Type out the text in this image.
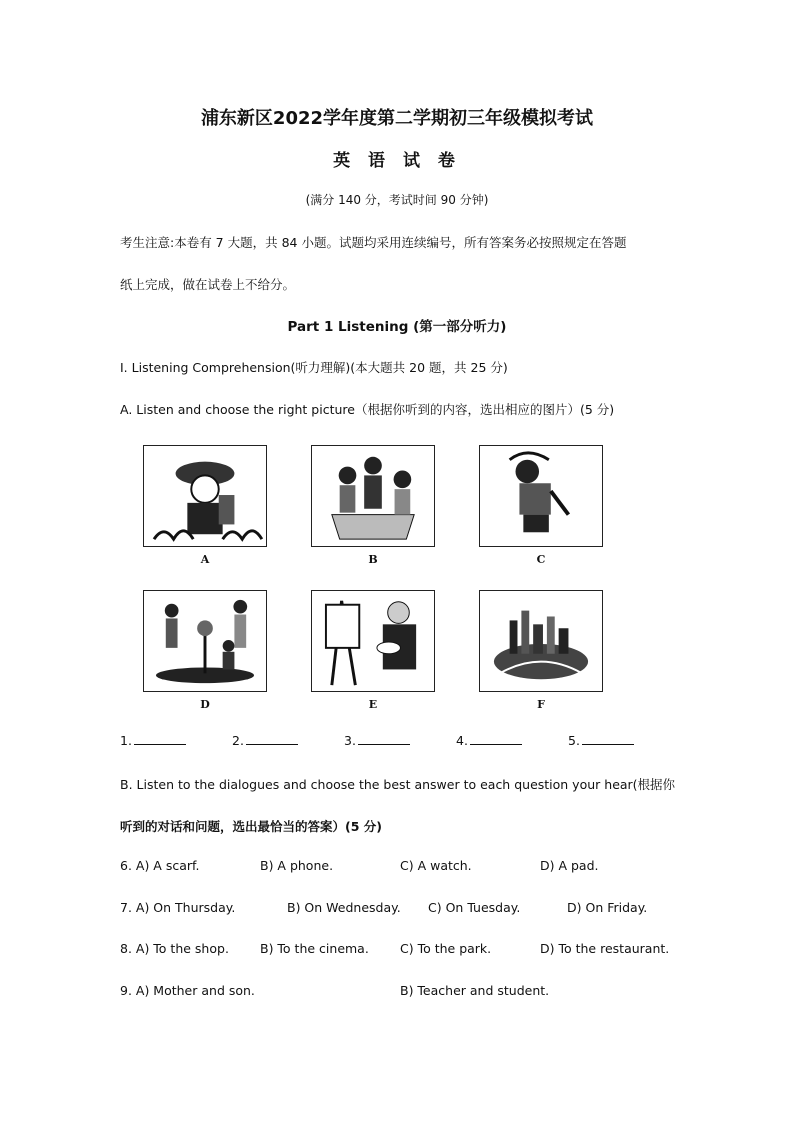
浦东新区2022学年度第二学期初三年级模拟考试
英 语 试 卷
(满分 140 分，考试时间 90 分钟)
考生注意:本卷有 7 大题，共 84 小题。试题均采用连续编号，所有答案务必按照规定在答题
纸上完成，做在试卷上不给分。
Part 1 Listening (第一部分听力)
I. Listening Comprehension(听力理解)(本大题共 20 题，共 25 分)
A. Listen and choose the right picture（根据你听到的内容，选出相应的图片）(5 分)
A	B	C
D	E	F
1.	2.	3.	4.	5.
B. Listen to the dialogues and choose the best answer to each question your hear(根据你
听到的对话和问题，选出最恰当的答案）(5 分)
6. A) A scarf.	B) A phone.	C) A watch.	D) A pad.
7. A) On Thursday.	B) On Wednesday. C) On Tuesday.	D) On Friday.
8. A) To the shop. B) To the cinema. C) To the park.	D) To the restaurant.
9. A) Mother and son.	B) Teacher and student.
